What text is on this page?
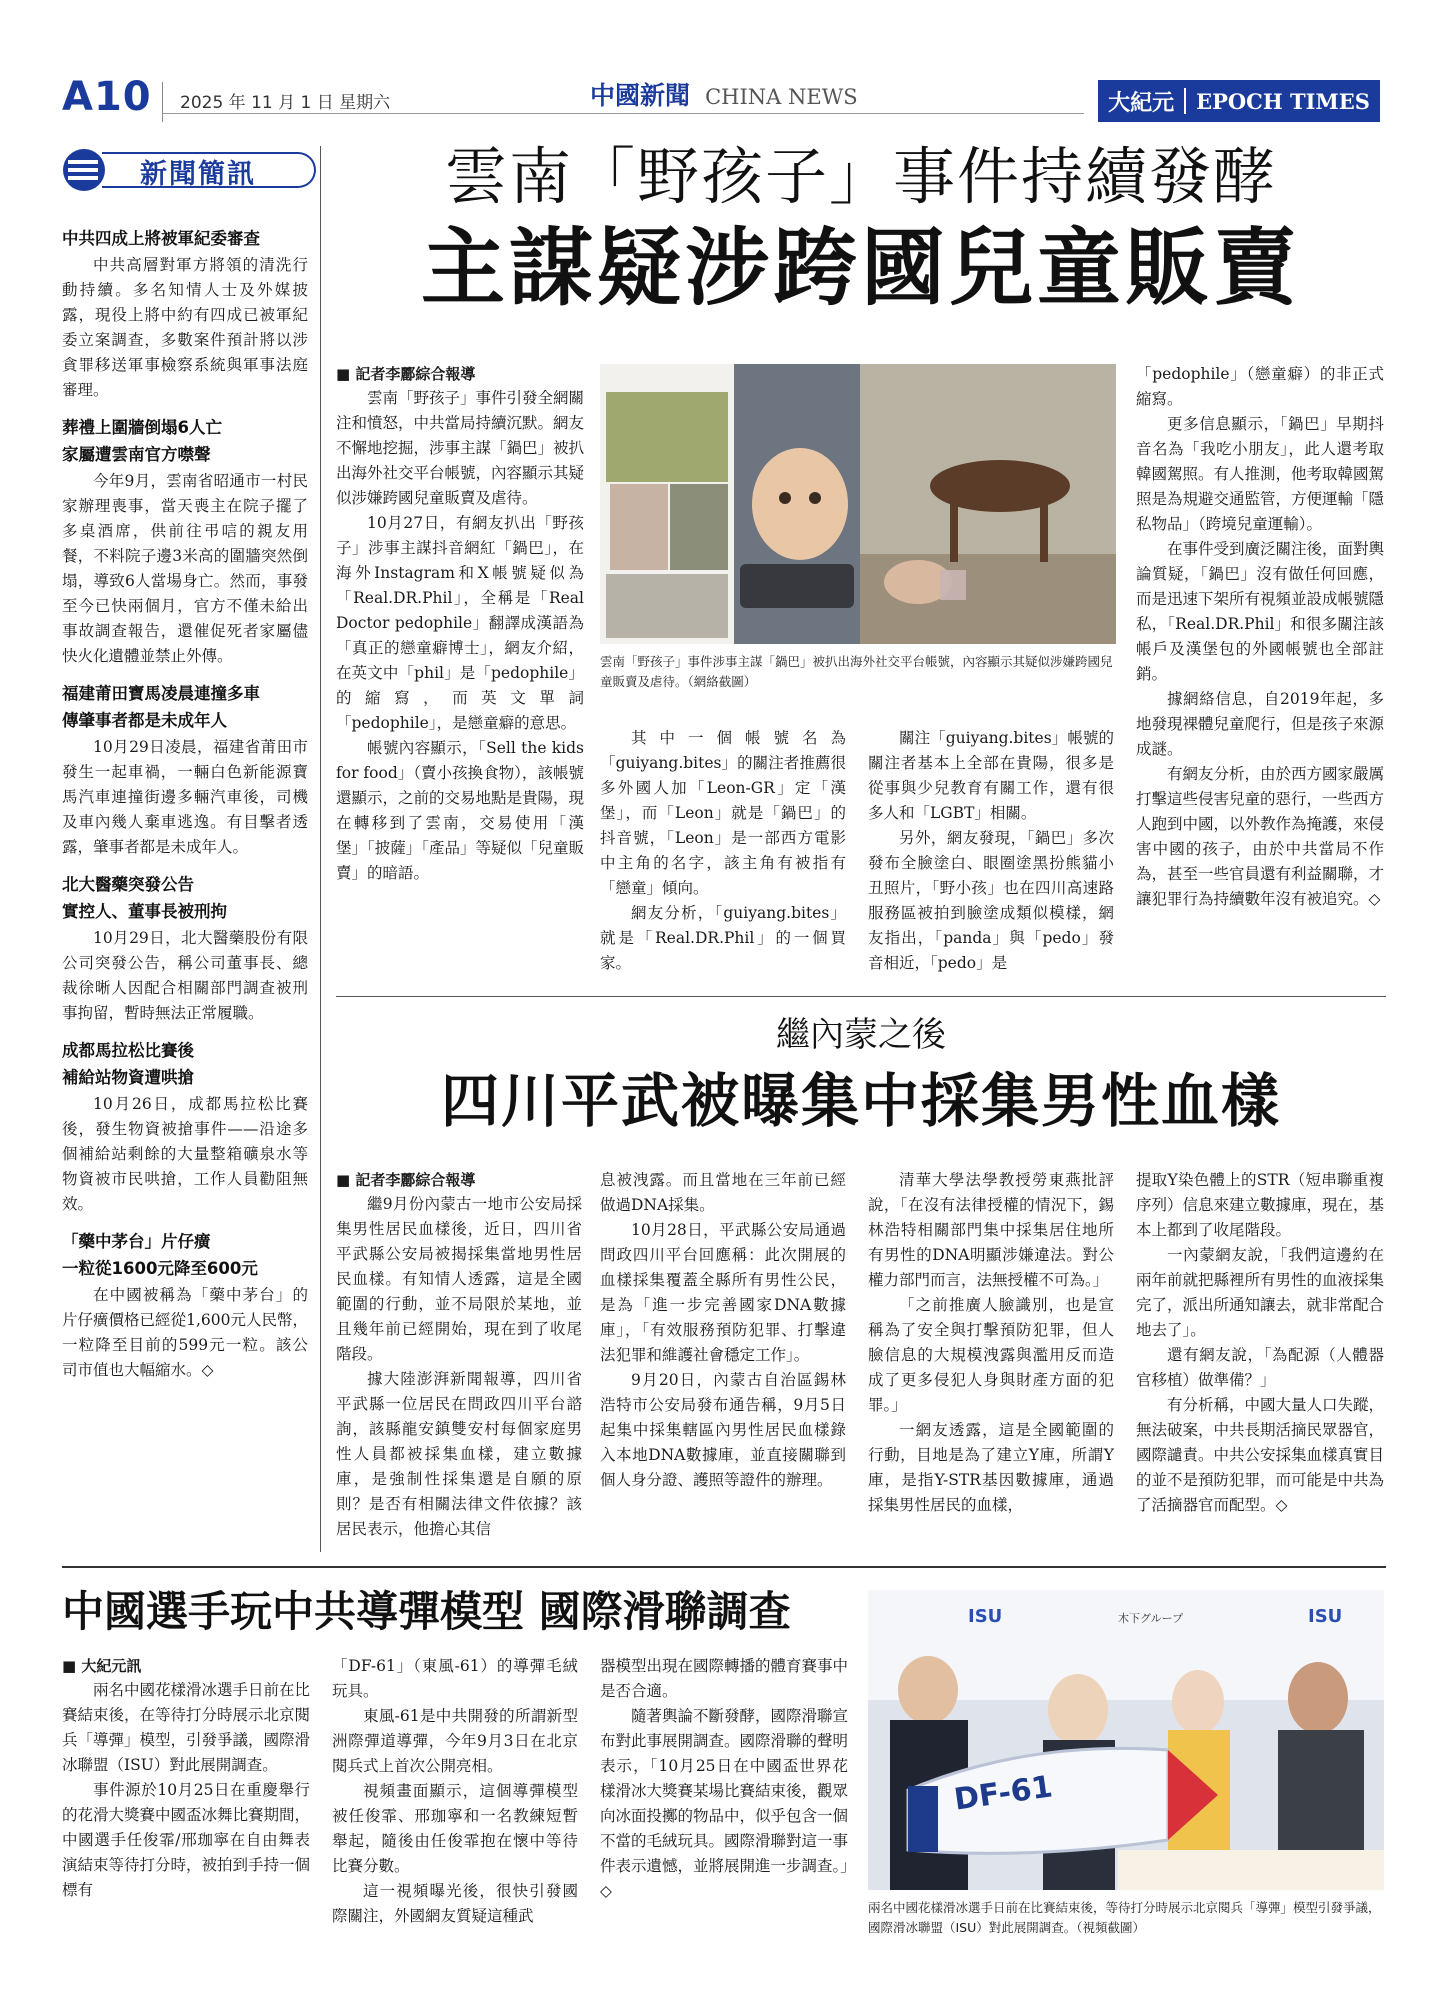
A10 2025 年 11 月 1 日 星期六	中國新聞 CHINA NEWS	大紀元 EPOCH TIMES
新聞簡訊
中共四成上將被軍紀委審查

中共高層對軍方將領的清洗行動持續。多名知情人士及外媒披露，現役上將中約有四成已被軍紀委立案調查，多數案件預計將以涉貪罪移送軍事檢察系統與軍事法庭審理。

葬禮上圍牆倒塌6人亡
家屬遭雲南官方噤聲

今年9月，雲南省昭通市一村民家辦理喪事，當天喪主在院子擺了多桌酒席，供前往弔唁的親友用餐，不料院子邊3米高的圍牆突然倒塌，導致6人當場身亡。然而，事發至今已快兩個月，官方不僅未給出事故調查報告，還催促死者家屬儘快火化遺體並禁止外傳。

福建莆田寶馬凌晨連撞多車
傳肇事者都是未成年人

10月29日凌晨，福建省莆田市發生一起車禍，一輛白色新能源寶馬汽車連撞街邊多輛汽車後，司機及車內幾人棄車逃逸。有目擊者透露，肇事者都是未成年人。

北大醫藥突發公告
實控人、董事長被刑拘

10月29日，北大醫藥股份有限公司突發公告，稱公司董事長、總裁徐晰人因配合相關部門調查被刑事拘留，暫時無法正常履職。

成都馬拉松比賽後
補給站物資遭哄搶

10月26日，成都馬拉松比賽後，發生物資被搶事件——沿途多個補給站剩餘的大量整箱礦泉水等物資被市民哄搶，工作人員勸阻無效。

「藥中茅台」片仔癀
一粒從1600元降至600元

在中國被稱為「藥中茅台」的片仔癀價格已經從1,600元人民幣，一粒降至目前的599元一粒。該公司市值也大幅縮水。◇

雲南「野孩子」事件持續發酵
主謀疑涉跨國兒童販賣
■ 記者李酈綜合報導

雲南「野孩子」事件引發全網關注和憤怒，中共當局持續沉默。網友不懈地挖掘，涉事主謀「鍋巴」被扒出海外社交平台帳號，內容顯示其疑似涉嫌跨國兒童販賣及虐待。

10月27日，有網友扒出「野孩子」涉事主謀抖音網紅「鍋巴」，在海外Instagram和X帳號疑似為「Real.DR.Phil」，全稱是「Real Doctor pedophile」翻譯成漢語為「真正的戀童癖博士」，網友介紹，在英文中「phil」是「pedophile」的縮寫，而英文單詞「pedophile」，是戀童癖的意思。

帳號內容顯示，「Sell the kids for food」（賣小孩換食物），該帳號還顯示，之前的交易地點是貴陽，現在轉移到了雲南，交易使用「漢堡」「披薩」「產品」等疑似「兒童販賣」的暗語。

雲南「野孩子」事件涉事主謀「鍋巴」被扒出海外社交平台帳號，內容顯示其疑似涉嫌跨國兒童販賣及虐待。（網絡截圖）

其中一個帳號名為「guiyang.bites」的關注者推薦很多外國人加「Leon-GR」定「漢堡」，而「Leon」就是「鍋巴」的抖音號，「Leon」是一部西方電影中主角的名字，該主角有被指有「戀童」傾向。

網友分析，「guiyang.bites」就是「Real.DR.Phil」的一個買家。

關注「guiyang.bites」帳號的關注者基本上全部在貴陽，很多是從事與少兒教育有關工作，還有很多人和「LGBT」相關。

另外，網友發現，「鍋巴」多次發布全臉塗白、眼圈塗黑扮熊貓小丑照片，「野小孩」也在四川高速路服務區被拍到臉塗成類似模樣，網友指出，「panda」與「pedo」發音相近，「pedo」是

「pedophile」（戀童癖）的非正式縮寫。

更多信息顯示，「鍋巴」早期抖音名為「我吃小朋友」，此人還考取韓國駕照。有人推測，他考取韓國駕照是為規避交通監管，方便運輸「隱私物品」（跨境兒童運輸）。

在事件受到廣泛關注後，面對輿論質疑，「鍋巴」沒有做任何回應，而是迅速下架所有視頻並設成帳號隱私，「Real.DR.Phil」和很多關注該帳戶及漢堡包的外國帳號也全部註銷。

據網絡信息，自2019年起，多地發現裸體兒童爬行，但是孩子來源成謎。

有網友分析，由於西方國家嚴厲打擊這些侵害兒童的惡行，一些西方人跑到中國，以外教作為掩護，來侵害中國的孩子，由於中共當局不作為，甚至一些官員還有利益關聯，才讓犯罪行為持續數年沒有被追究。◇

繼內蒙之後
四川平武被曝集中採集男性血樣
■ 記者李酈綜合報導

繼9月份內蒙古一地市公安局採集男性居民血樣後，近日，四川省平武縣公安局被揭採集當地男性居民血樣。有知情人透露，這是全國範圍的行動，並不局限於某地，並且幾年前已經開始，現在到了收尾階段。

據大陸澎湃新聞報導，四川省平武縣一位居民在問政四川平台諮詢，該縣龍安鎮雙安村每個家庭男性人員都被採集血樣，建立數據庫，是強制性採集還是自願的原則？是否有相關法律文件依據？該居民表示，他擔心其信

息被洩露。而且當地在三年前已經做過DNA採集。

10月28日，平武縣公安局通過問政四川平台回應稱：此次開展的血樣採集覆蓋全縣所有男性公民，是為「進一步完善國家DNA數據庫」，「有效服務預防犯罪、打擊違法犯罪和維護社會穩定工作」。

9月20日，內蒙古自治區錫林浩特市公安局發布通告稱，9月5日起集中採集轄區內男性居民血樣錄入本地DNA數據庫，並直接關聯到個人身分證、護照等證件的辦理。

清華大學法學教授勞東燕批評說，「在沒有法律授權的情況下，錫林浩特相關部門集中採集居住地所有男性的DNA明顯涉嫌違法。對公權力部門而言，法無授權不可為。」

「之前推廣人臉識別，也是宣稱為了安全與打擊預防犯罪，但人臉信息的大規模洩露與濫用反而造成了更多侵犯人身與財產方面的犯罪。」

一網友透露，這是全國範圍的行動，目地是為了建立Y庫，所謂Y庫，是指Y-STR基因數據庫，通過採集男性居民的血樣，

提取Y染色體上的STR（短串聯重複序列）信息來建立數據庫，現在，基本上都到了收尾階段。

一內蒙網友說，「我們這邊約在兩年前就把縣裡所有男性的血液採集完了，派出所通知讓去，就非常配合地去了」。

還有網友說，「為配源（人體器官移植）做準備？」

有分析稱，中國大量人口失蹤，無法破案，中共長期活摘民眾器官，國際譴責。中共公安採集血樣真實目的並不是預防犯罪，而可能是中共為了活摘器官而配型。◇

中國選手玩中共導彈模型 國際滑聯調查
■ 大紀元訊

兩名中國花樣滑冰選手日前在比賽結束後，在等待打分時展示北京閱兵「導彈」模型，引發爭議，國際滑冰聯盟（ISU）對此展開調查。

事件源於10月25日在重慶舉行的花滑大獎賽中國盃冰舞比賽期間，中國選手任俊霏/邢珈寧在自由舞表演結束等待打分時，被拍到手持一個標有

「DF-61」（東風-61）的導彈毛絨玩具。

東風-61是中共開發的所謂新型洲際彈道導彈，今年9月3日在北京閱兵式上首次公開亮相。

視頻畫面顯示，這個導彈模型被任俊霏、邢珈寧和一名教練短暫舉起，隨後由任俊霏抱在懷中等待比賽分數。

這一視頻曝光後，很快引發國際關注，外國網友質疑這種武

器模型出現在國際轉播的體育賽事中是否合適。

隨著輿論不斷發酵，國際滑聯宣布對此事展開調查。國際滑聯的聲明表示，「10月25日在中國盃世界花樣滑冰大獎賽某場比賽結束後，觀眾向冰面投擲的物品中，似乎包含一個不當的毛絨玩具。國際滑聯對這一事件表示遺憾，並將展開進一步調查。」◇

ISU	ISU
木下グループ
DF-61
兩名中國花樣滑冰選手日前在比賽結束後，等待打分時展示北京閱兵「導彈」模型引發爭議，國際滑冰聯盟（ISU）對此展開調查。（視頻截圖）
